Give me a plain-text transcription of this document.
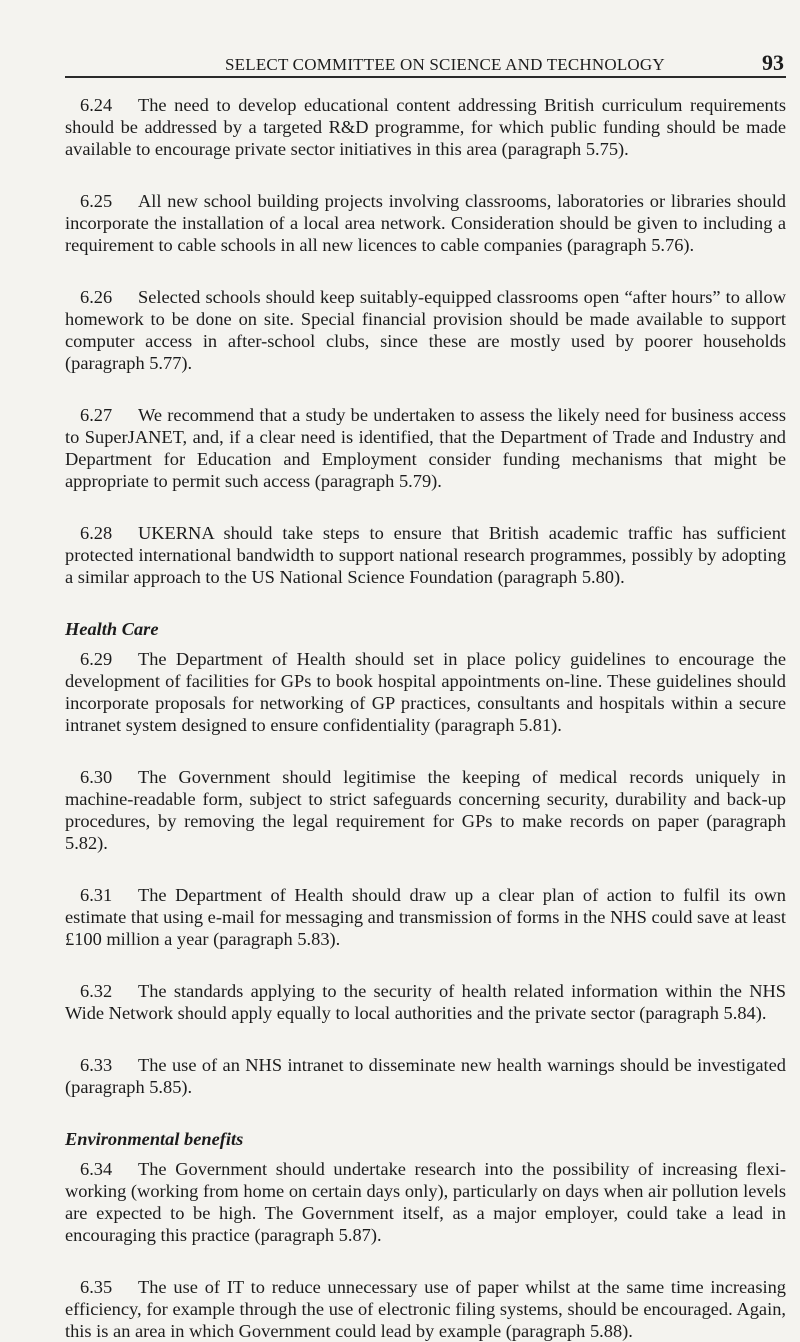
SELECT COMMITTEE ON SCIENCE AND TECHNOLOGY	93

6.24 The need to develop educational content addressing British curriculum requirements should be addressed by a targeted R&D programme, for which public funding should be made available to encourage private sector initiatives in this area (paragraph 5.75).

6.25 All new school building projects involving classrooms, laboratories or libraries should incorporate the installation of a local area network. Consideration should be given to including a requirement to cable schools in all new licences to cable companies (paragraph 5.76).

6.26 Selected schools should keep suitably-equipped classrooms open “after hours” to allow homework to be done on site. Special financial provision should be made available to support computer access in after-school clubs, since these are mostly used by poorer households (paragraph 5.77).

6.27 We recommend that a study be undertaken to assess the likely need for business access to SuperJANET, and, if a clear need is identified, that the Department of Trade and Industry and Department for Education and Employment consider funding mechanisms that might be appropriate to permit such access (paragraph 5.79).

6.28 UKERNA should take steps to ensure that British academic traffic has sufficient protected international bandwidth to support national research programmes, possibly by adopting a similar approach to the US National Science Foundation (paragraph 5.80).

Health Care

6.29 The Department of Health should set in place policy guidelines to encourage the development of facilities for GPs to book hospital appointments on-line. These guidelines should incorporate proposals for networking of GP practices, consultants and hospitals within a secure intranet system designed to ensure confidentiality (paragraph 5.81).

6.30 The Government should legitimise the keeping of medical records uniquely in machine-readable form, subject to strict safeguards concerning security, durability and back-up procedures, by removing the legal requirement for GPs to make records on paper (paragraph 5.82).

6.31 The Department of Health should draw up a clear plan of action to fulfil its own estimate that using e-mail for messaging and transmission of forms in the NHS could save at least £100 million a year (paragraph 5.83).

6.32 The standards applying to the security of health related information within the NHS Wide Network should apply equally to local authorities and the private sector (paragraph 5.84).

6.33 The use of an NHS intranet to disseminate new health warnings should be investigated (paragraph 5.85).

Environmental benefits

6.34 The Government should undertake research into the possibility of increasing flexi-working (working from home on certain days only), particularly on days when air pollution levels are expected to be high. The Government itself, as a major employer, could take a lead in encouraging this practice (paragraph 5.87).

6.35 The use of IT to reduce unnecessary use of paper whilst at the same time increasing efficiency, for example through the use of electronic filing systems, should be encouraged. Again, this is an area in which Government could lead by example (paragraph 5.88).
